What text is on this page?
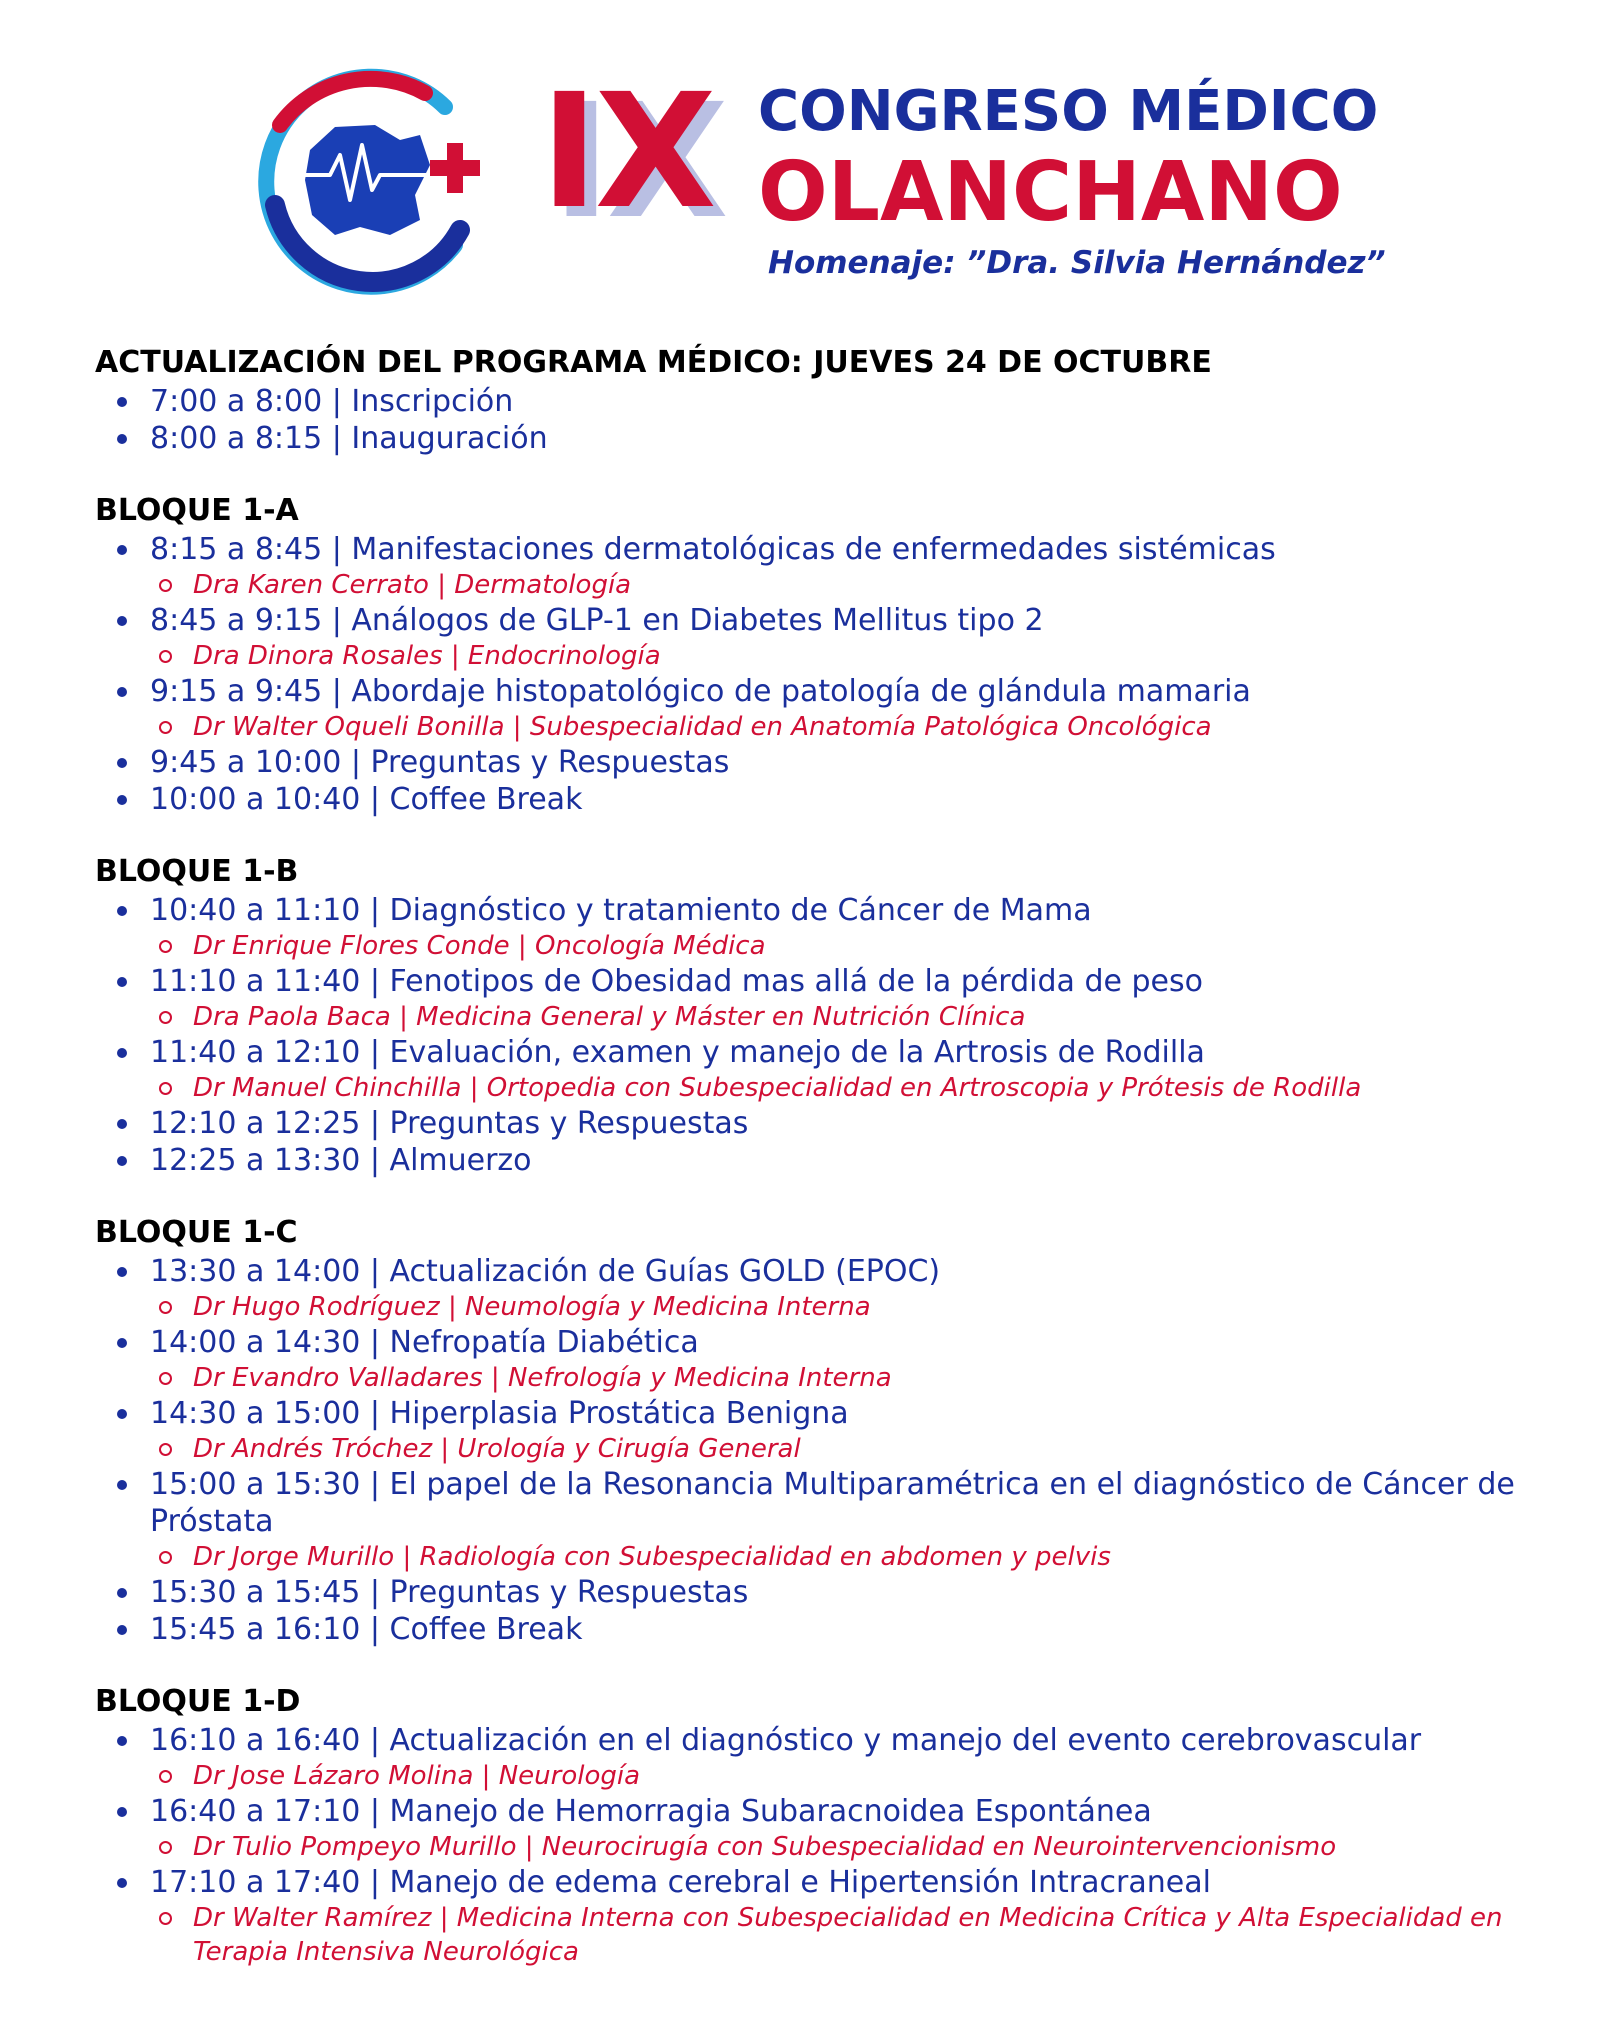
IX CONGRESO MÉDICO
OLANCHANO
Homenaje: ”Dra. Silvia Hernández”
ACTUALIZACIÓN DEL PROGRAMA MÉDICO: JUEVES 24 DE OCTUBRE
7:00 a 8:00 | Inscripción
8:00 a 8:15 | Inauguración
BLOQUE 1-A
8:15 a 8:45 | Manifestaciones dermatológicas de enfermedades sistémicas
Dra Karen Cerrato | Dermatología
8:45 a 9:15 | Análogos de GLP-1 en Diabetes Mellitus tipo 2
Dra Dinora Rosales | Endocrinología
9:15 a 9:45 | Abordaje histopatológico de patología de glándula mamaria
Dr Walter Oqueli Bonilla | Subespecialidad en Anatomía Patológica Oncológica
9:45 a 10:00 | Preguntas y Respuestas
10:00 a 10:40 | Coffee Break
BLOQUE 1-B
10:40 a 11:10 | Diagnóstico y tratamiento de Cáncer de Mama
Dr Enrique Flores Conde | Oncología Médica
11:10 a 11:40 | Fenotipos de Obesidad mas allá de la pérdida de peso
Dra Paola Baca | Medicina General y Máster en Nutrición Clínica
11:40 a 12:10 | Evaluación, examen y manejo de la Artrosis de Rodilla
Dr Manuel Chinchilla | Ortopedia con Subespecialidad en Artroscopia y Prótesis de Rodilla
12:10 a 12:25 | Preguntas y Respuestas
12:25 a 13:30 | Almuerzo
BLOQUE 1-C
13:30 a 14:00 | Actualización de Guías GOLD (EPOC)
Dr Hugo Rodríguez | Neumología y Medicina Interna
14:00 a 14:30 | Nefropatía Diabética
Dr Evandro Valladares | Nefrología y Medicina Interna
14:30 a 15:00 | Hiperplasia Prostática Benigna
Dr Andrés Tróchez | Urología y Cirugía General
15:00 a 15:30 | El papel de la Resonancia Multiparamétrica en el diagnóstico de Cáncer de Próstata
Dr Jorge Murillo | Radiología con Subespecialidad en abdomen y pelvis
15:30 a 15:45 | Preguntas y Respuestas
15:45 a 16:10 | Coffee Break
BLOQUE 1-D
16:10 a 16:40 | Actualización en el diagnóstico y manejo del evento cerebrovascular
Dr Jose Lázaro Molina | Neurología
16:40 a 17:10 | Manejo de Hemorragia Subaracnoidea Espontánea
Dr Tulio Pompeyo Murillo | Neurocirugía con Subespecialidad en Neurointervencionismo
17:10 a 17:40 | Manejo de edema cerebral e Hipertensión Intracraneal
Dr Walter Ramírez | Medicina Interna con Subespecialidad en Medicina Crítica y Alta Especialidad en Terapia Intensiva Neurológica
